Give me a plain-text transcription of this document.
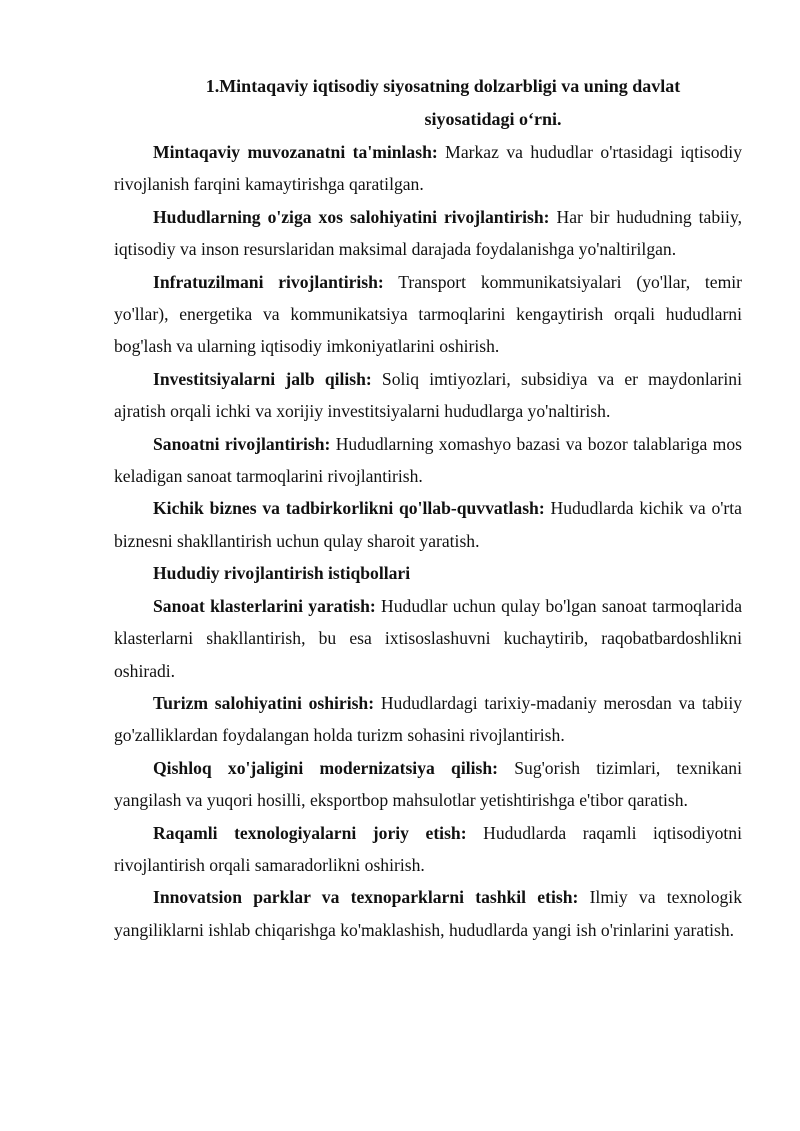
1.Mintaqaviy iqtisodiy siyosatning dolzarbligi va uning davlat
siyosatidagi o‘rni.

Mintaqaviy muvozanatni ta'minlash: Markaz va hududlar o'rtasidagi iqtisodiy rivojlanish farqini kamaytirishga qaratilgan.

Hududlarning o'ziga xos salohiyatini rivojlantirish: Har bir hududning tabiiy, iqtisodiy va inson resurslaridan maksimal darajada foydalanishga yo'naltirilgan.

Infratuzilmani rivojlantirish: Transport kommunikatsiyalari (yo'llar, temir yo'llar), energetika va kommunikatsiya tarmoqlarini kengaytirish orqali hududlarni bog'lash va ularning iqtisodiy imkoniyatlarini oshirish.

Investitsiyalarni jalb qilish: Soliq imtiyozlari, subsidiya va er maydonlarini ajratish orqali ichki va xorijiy investitsiyalarni hududlarga yo'naltirish.

Sanoatni rivojlantirish: Hududlarning xomashyo bazasi va bozor talablariga mos keladigan sanoat tarmoqlarini rivojlantirish.

Kichik biznes va tadbirkorlikni qo'llab-quvvatlash: Hududlarda kichik va o'rta biznesni shakllantirish uchun qulay sharoit yaratish.

Hududiy rivojlantirish istiqbollari

Sanoat klasterlarini yaratish: Hududlar uchun qulay bo'lgan sanoat tarmoqlarida klasterlarni shakllantirish, bu esa ixtisoslashuvni kuchaytirib, raqobatbardoshlikni oshiradi.

Turizm salohiyatini oshirish: Hududlardagi tarixiy-madaniy merosdan va tabiiy go'zalliklardan foydalangan holda turizm sohasini rivojlantirish.

Qishloq xo'jaligini modernizatsiya qilish: Sug'orish tizimlari, texnikani yangilash va yuqori hosilli, eksportbop mahsulotlar yetishtirishga e'tibor qaratish.

Raqamli texnologiyalarni joriy etish: Hududlarda raqamli iqtisodiyotni rivojlantirish orqali samaradorlikni oshirish.

Innovatsion parklar va texnoparklarni tashkil etish: Ilmiy va texnologik yangiliklarni ishlab chiqarishga ko'maklashish, hududlarda yangi ish o'rinlarini yaratish.
